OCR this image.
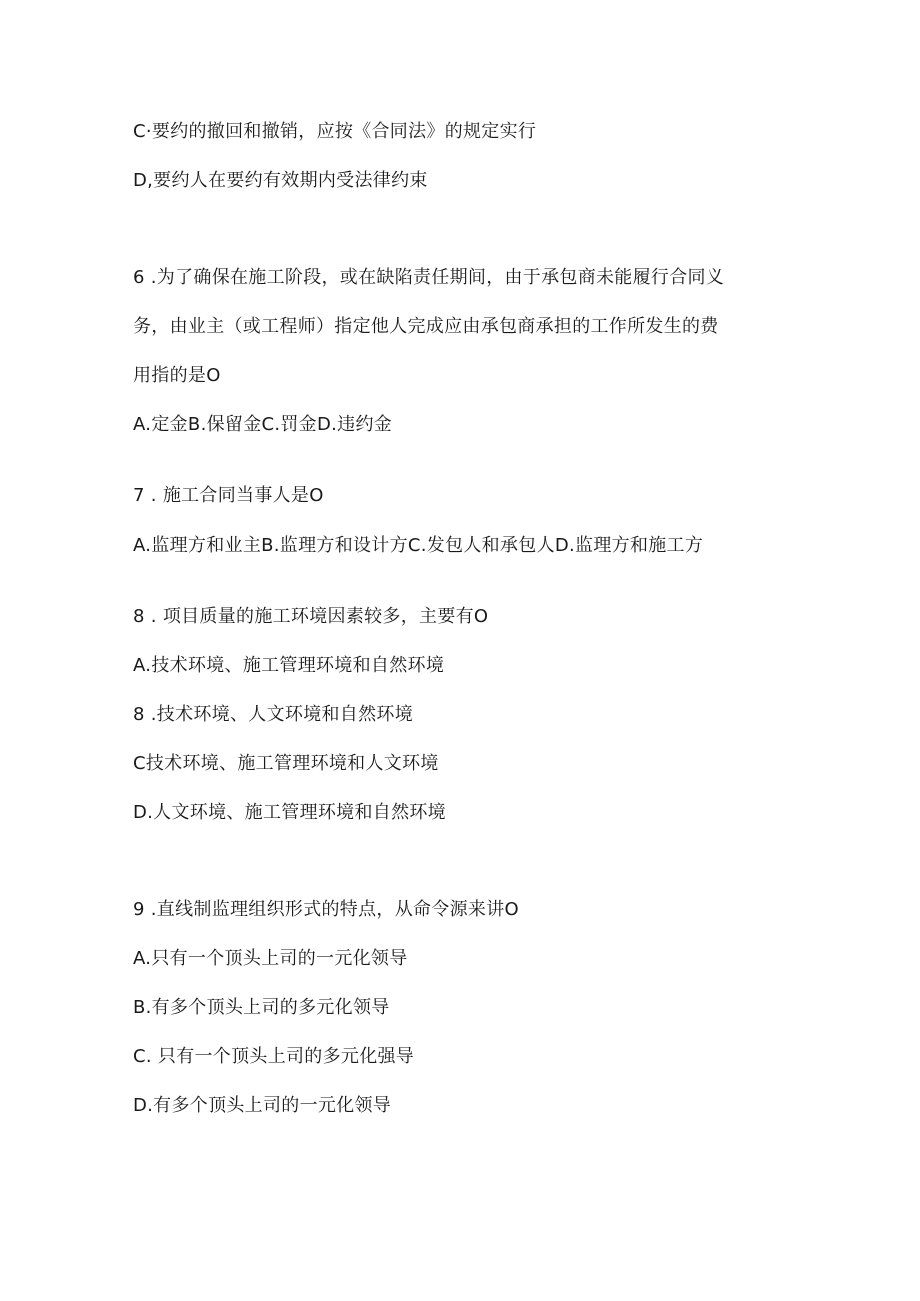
C·要约的撤回和撤销，应按《合同法》的规定实行
D,要约人在要约有效期内受法律约束
6 .为了确保在施工阶段，或在缺陷责任期间，由于承包商未能履行合同义
务，由业主（或工程师）指定他人完成应由承包商承担的工作所发生的费
用指的是O
A.定金B.保留金C.罚金D.违约金
7 . 施工合同当事人是O
A.监理方和业主B.监理方和设计方C.发包人和承包人D.监理方和施工方
8 . 项目质量的施工环境因素较多，主要有O
A.技术环境、施工管理环境和自然环境
8 .技术环境、人文环境和自然环境
C技术环境、施工管理环境和人文环境
D.人文环境、施工管理环境和自然环境
9 .直线制监理组织形式的特点，从命令源来讲O
A.只有一个顶头上司的一元化领导
B.有多个顶头上司的多元化领导
C. 只有一个顶头上司的多元化强导
D.有多个顶头上司的一元化领导
